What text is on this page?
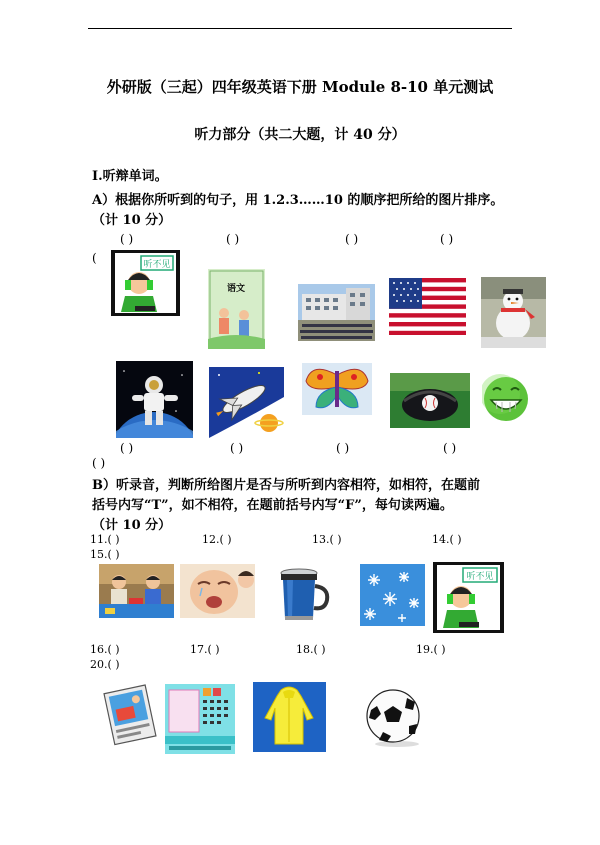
外研版（三起）四年级英语下册 Module 8-10 单元测试
听力部分（共二大题，计 40 分）
Ⅰ.听辩单词。
A）根据你所听到的句子，用 1.2.3……10 的顺序把所给的图片排序。
（计 10 分）
( )	( )	( )	( )
(	听不见
语文
( )	( )	( )	( )
( )
B）听录音，判断所给图片是否与所听到内容相符，如相符，在题前
括号内写“T”，如不相符，在题前括号内写“F”，每句读两遍。
（计 10 分）
11.( )	12.( )	13.( )	14.( )
15.( )
听不见
16.( )	17.( )	18.( )	19.( )
20.( )
